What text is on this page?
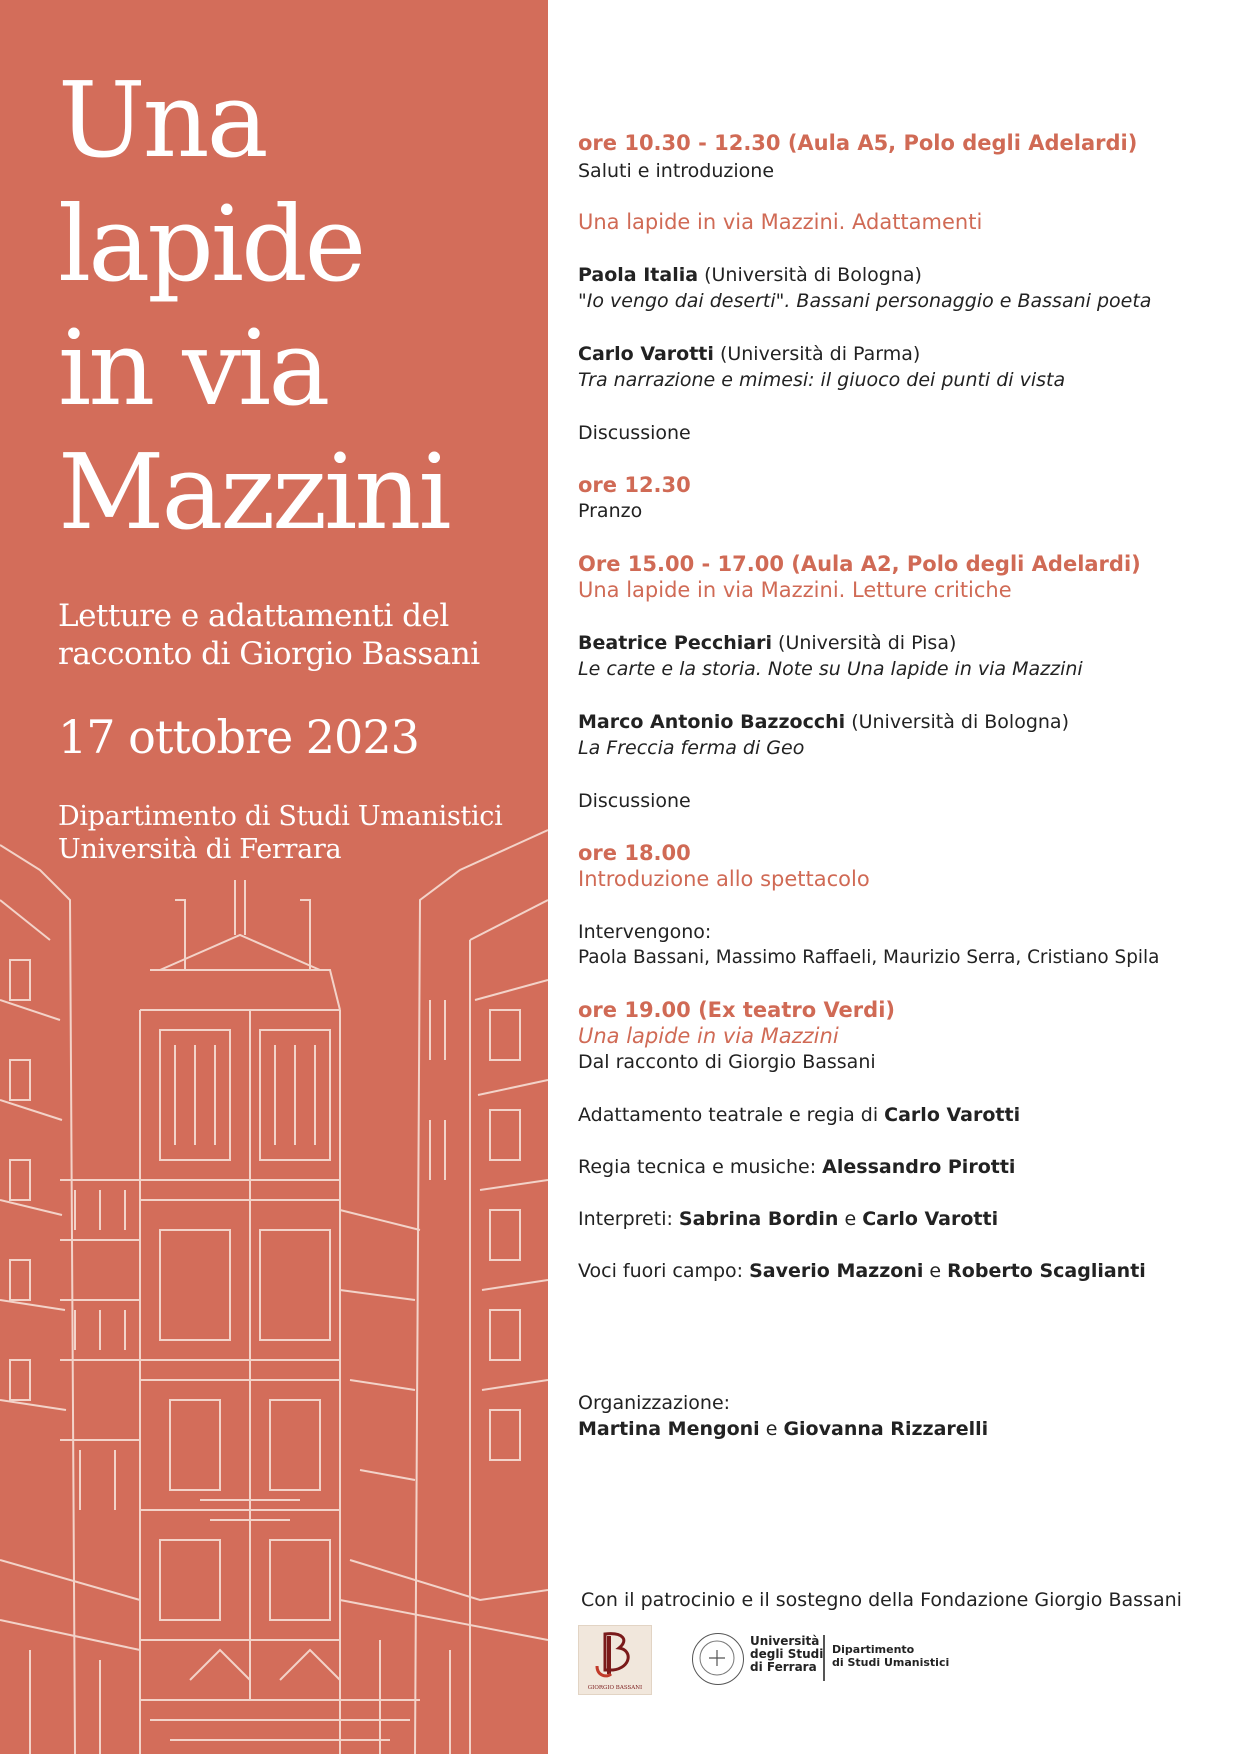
Una
lapide
in via
Mazzini
Letture e adattamenti del
racconto di Giorgio Bassani
17 ottobre 2023
Dipartimento di Studi Umanistici
Università di Ferrara
ore 10.30 - 12.30 (Aula A5, Polo degli Adelardi)
Saluti e introduzione
Una lapide in via Mazzini. Adattamenti
Paola Italia (Università di Bologna)
"Io vengo dai deserti". Bassani personaggio e Bassani poeta
Carlo Varotti (Università di Parma)
Tra narrazione e mimesi: il giuoco dei punti di vista
Discussione
ore 12.30
Pranzo
Ore 15.00 - 17.00 (Aula A2, Polo degli Adelardi)
Una lapide in via Mazzini. Letture critiche
Beatrice Pecchiari (Università di Pisa)
Le carte e la storia. Note su Una lapide in via Mazzini
Marco Antonio Bazzocchi (Università di Bologna)
La Freccia ferma di Geo
Discussione
ore 18.00
Introduzione allo spettacolo
Intervengono:
Paola Bassani, Massimo Raffaeli, Maurizio Serra, Cristiano Spila
ore 19.00 (Ex teatro Verdi)
Una lapide in via Mazzini
Dal racconto di Giorgio Bassani
Adattamento teatrale e regia di Carlo Varotti
Regia tecnica e musiche: Alessandro Pirotti
Interpreti: Sabrina Bordin e Carlo Varotti
Voci fuori campo: Saverio Mazzoni e Roberto Scaglianti
Organizzazione:
Martina Mengoni e Giovanna Rizzarelli
Con il patrocinio e il sostegno della Fondazione Giorgio Bassani
GIORGIO BASSANI
Università
degli Studi
di Ferrara
Dipartimento
di Studi Umanistici
